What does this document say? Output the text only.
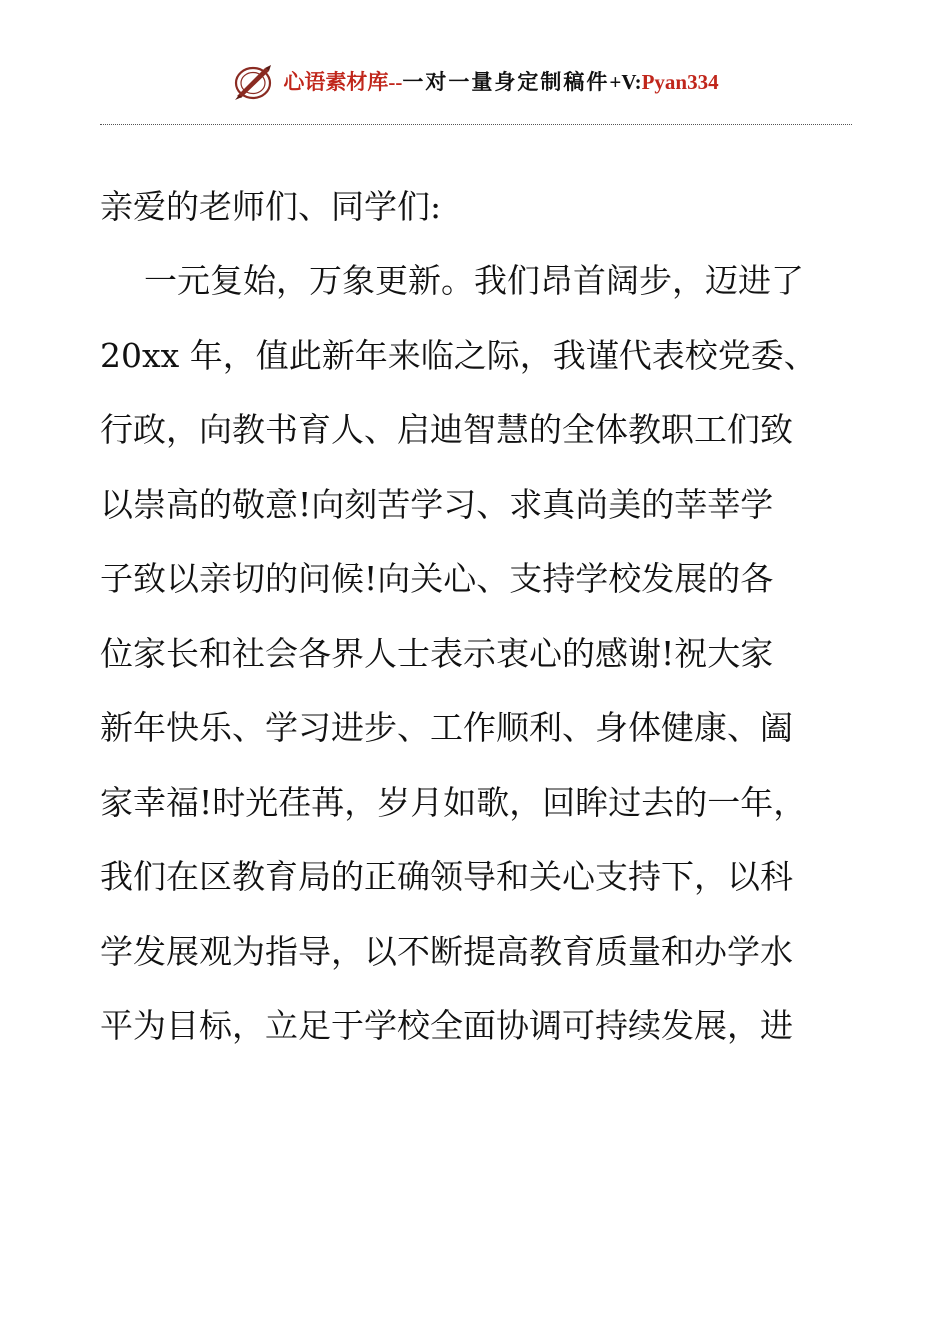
心语素材库 -- 一对一量身定制稿件 +V: Pyan334

亲爱的老师们、同学们:

一元复始，万象更新。我们昂首阔步，迈进了

20xx 年，值此新年来临之际，我谨代表校党委、

行政，向教书育人、启迪智慧的全体教职工们致

以崇高的敬意!向刻苦学习、求真尚美的莘莘学

子致以亲切的问候!向关心、支持学校发展的各

位家长和社会各界人士表示衷心的感谢!祝大家

新年快乐、学习进步、工作顺利、身体健康、阖

家幸福!时光荏苒，岁月如歌，回眸过去的一年，

我们在区教育局的正确领导和关心支持下，以科

学发展观为指导，以不断提高教育质量和办学水

平为目标，立足于学校全面协调可持续发展，进
